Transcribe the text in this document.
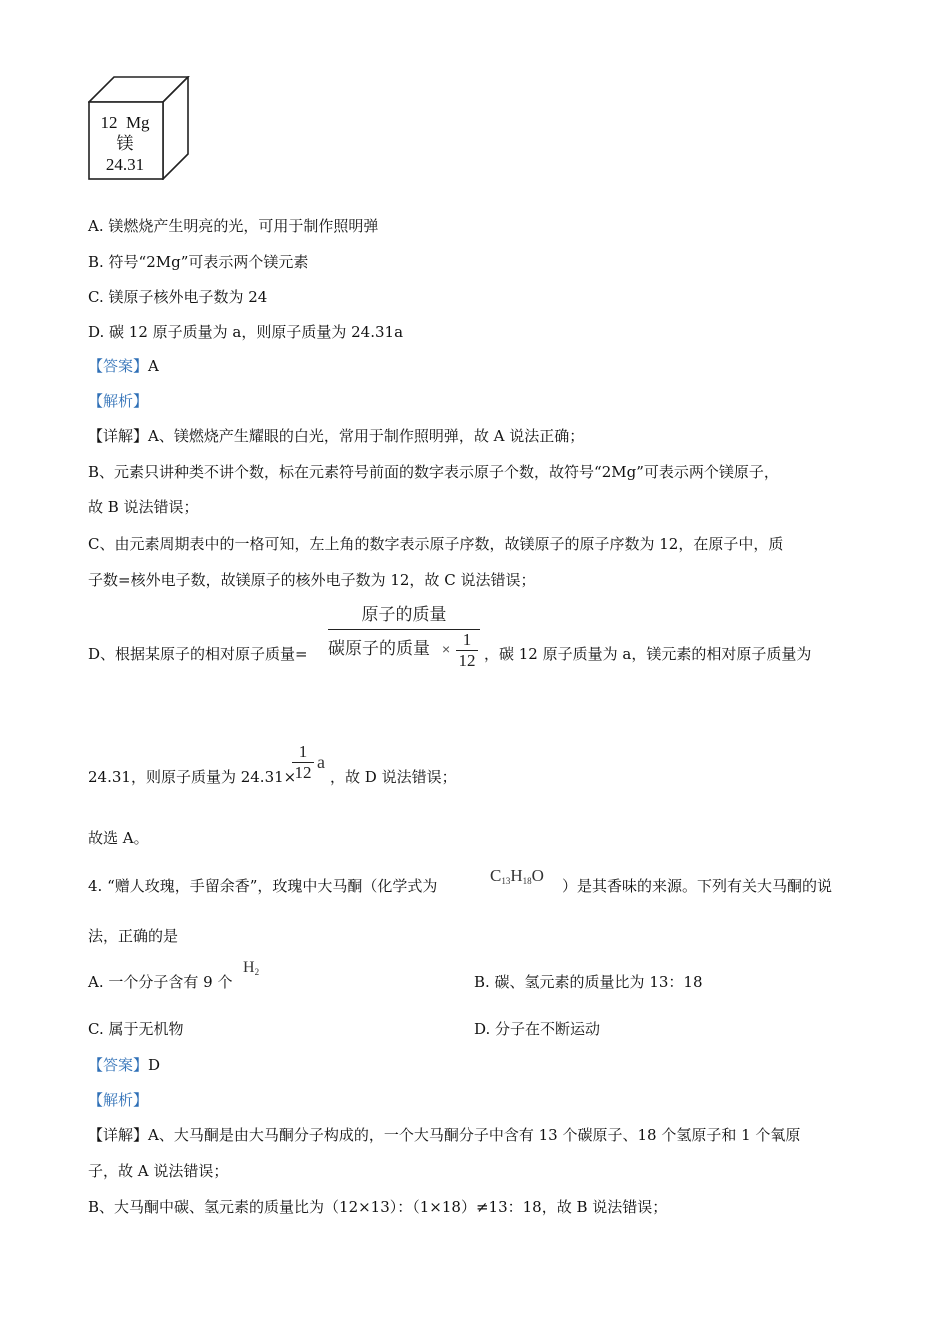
12  Mg
镁
24.31
A. 镁燃烧产生明亮的光，可用于制作照明弹
B. 符号“2Mg”可表示两个镁元素
C. 镁原子核外电子数为 24
D. 碳 12 原子质量为 a，则原子质量为 24.31a
【答案】A
【解析】
【详解】A、镁燃烧产生耀眼的白光，常用于制作照明弹，故 A 说法正确；
B、元素只讲种类不讲个数，标在元素符号前面的数字表示原子个数，故符号“2Mg”可表示两个镁原子，
故 B 说法错误；
C、由元素周期表中的一格可知，左上角的数字表示原子序数，故镁原子的原子序数为 12，在原子中，质
子数=核外电子数，故镁原子的核外电子数为 12，故 C 说法错误；
D、根据某原子的相对原子质量=
原子的质量
碳原子的质量 × 1
12 ，碳 12 原子质量为 a，镁元素的相对原子质量为
24.31，则原子质量为 24.31×
1
12
a
，故 D 说法错误；
故选 A。
4. “赠人玫瑰，手留余香”，玫瑰中大马酮（化学式为
$C_{13}H_{18}O$
）是其香味的来源。下列有关大马酮的说
法，正确的是
A. 一个分子含有 9 个
$H_2$
B. 碳、氢元素的质量比为 13：18
C. 属于无机物	D. 分子在不断运动
【答案】D
【解析】
【详解】A、大马酮是由大马酮分子构成的，一个大马酮分子中含有 13 个碳原子、18 个氢原子和 1 个氧原
子，故 A 说法错误；
B、大马酮中碳、氢元素的质量比为（12×13）：（1×18）≠13：18，故 B 说法错误；
